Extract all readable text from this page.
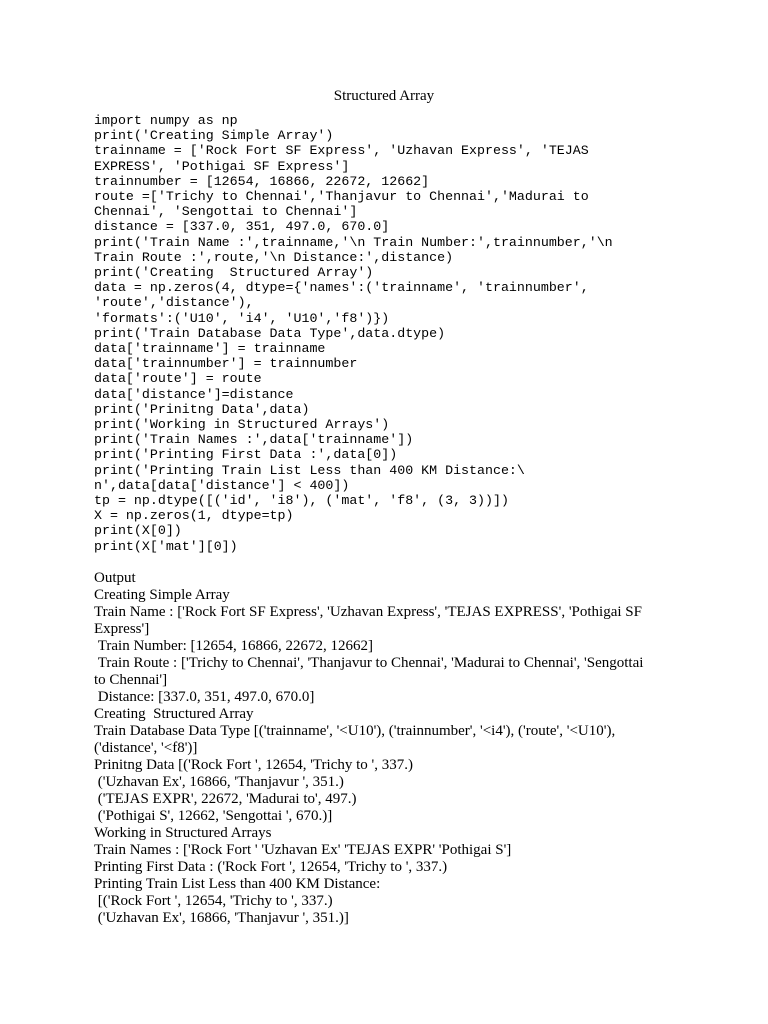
Structured Array
import numpy as np
print('Creating Simple Array')
trainname = ['Rock Fort SF Express', 'Uzhavan Express', 'TEJAS
EXPRESS', 'Pothigai SF Express']
trainnumber = [12654, 16866, 22672, 12662]
route =['Trichy to Chennai','Thanjavur to Chennai','Madurai to
Chennai', 'Sengottai to Chennai']
distance = [337.0, 351, 497.0, 670.0]
print('Train Name :',trainname,'\n Train Number:',trainnumber,'\n
Train Route :',route,'\n Distance:',distance)
print('Creating  Structured Array')
data = np.zeros(4, dtype={'names':('trainname', 'trainnumber',
'route','distance'),
'formats':('U10', 'i4', 'U10','f8')})
print('Train Database Data Type',data.dtype)
data['trainname'] = trainname
data['trainnumber'] = trainnumber
data['route'] = route
data['distance']=distance
print('Prinitng Data',data)
print('Working in Structured Arrays')
print('Train Names :',data['trainname'])
print('Printing First Data :',data[0])
print('Printing Train List Less than 400 KM Distance:\
n',data[data['distance'] < 400])
tp = np.dtype([('id', 'i8'), ('mat', 'f8', (3, 3))])
X = np.zeros(1, dtype=tp)
print(X[0])
print(X['mat'][0])
Output
Creating Simple Array
Train Name : ['Rock Fort SF Express', 'Uzhavan Express', 'TEJAS EXPRESS', 'Pothigai SF
Express']
Train Number: [12654, 16866, 22672, 12662]
Train Route : ['Trichy to Chennai', 'Thanjavur to Chennai', 'Madurai to Chennai', 'Sengottai
to Chennai']
Distance: [337.0, 351, 497.0, 670.0]
Creating  Structured Array
Train Database Data Type [('trainname', '<U10'), ('trainnumber', '<i4'), ('route', '<U10'),
('distance', '<f8')]
Prinitng Data [('Rock Fort ', 12654, 'Trichy to ', 337.)
('Uzhavan Ex', 16866, 'Thanjavur ', 351.)
('TEJAS EXPR', 22672, 'Madurai to', 497.)
('Pothigai S', 12662, 'Sengottai ', 670.)]
Working in Structured Arrays
Train Names : ['Rock Fort ' 'Uzhavan Ex' 'TEJAS EXPR' 'Pothigai S']
Printing First Data : ('Rock Fort ', 12654, 'Trichy to ', 337.)
Printing Train List Less than 400 KM Distance:
[('Rock Fort ', 12654, 'Trichy to ', 337.)
('Uzhavan Ex', 16866, 'Thanjavur ', 351.)]
